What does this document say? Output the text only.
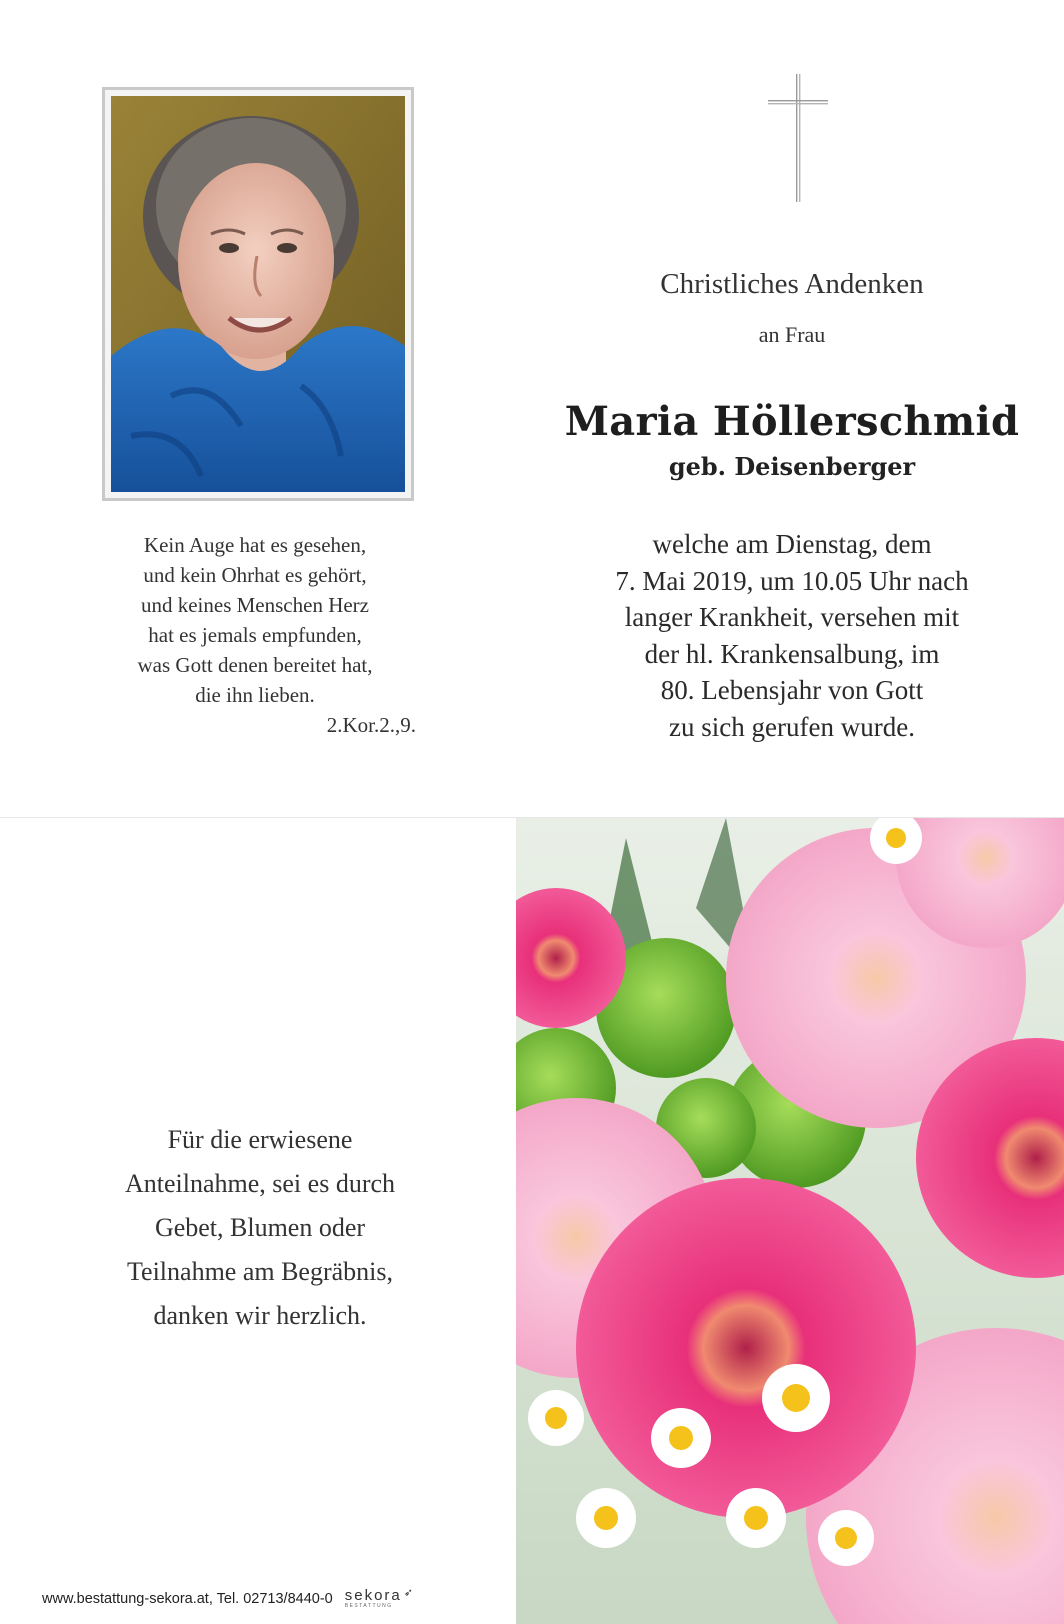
Kein Auge hat es gesehen,
und kein Ohrhat es gehört,
und keines Menschen Herz
hat es jemals empfunden,
was Gott denen bereitet hat,
die ihn lieben.
2.Kor.2.,9.
Christliches Andenken
an Frau
Maria Höllerschmid
geb. Deisenberger
welche am Dienstag, dem
7. Mai 2019, um 10.05 Uhr nach
langer Krankheit, versehen mit
der hl. Krankensalbung, im
80. Lebensjahr von Gott
zu sich gerufen wurde.
Für die erwiesene
Anteilnahme, sei es durch
Gebet, Blumen oder
Teilnahme am Begräbnis,
danken wir herzlich.
www.bestattung-sekora.at, Tel. 02713/8440-0 sekora ➶
BESTATTUNG
